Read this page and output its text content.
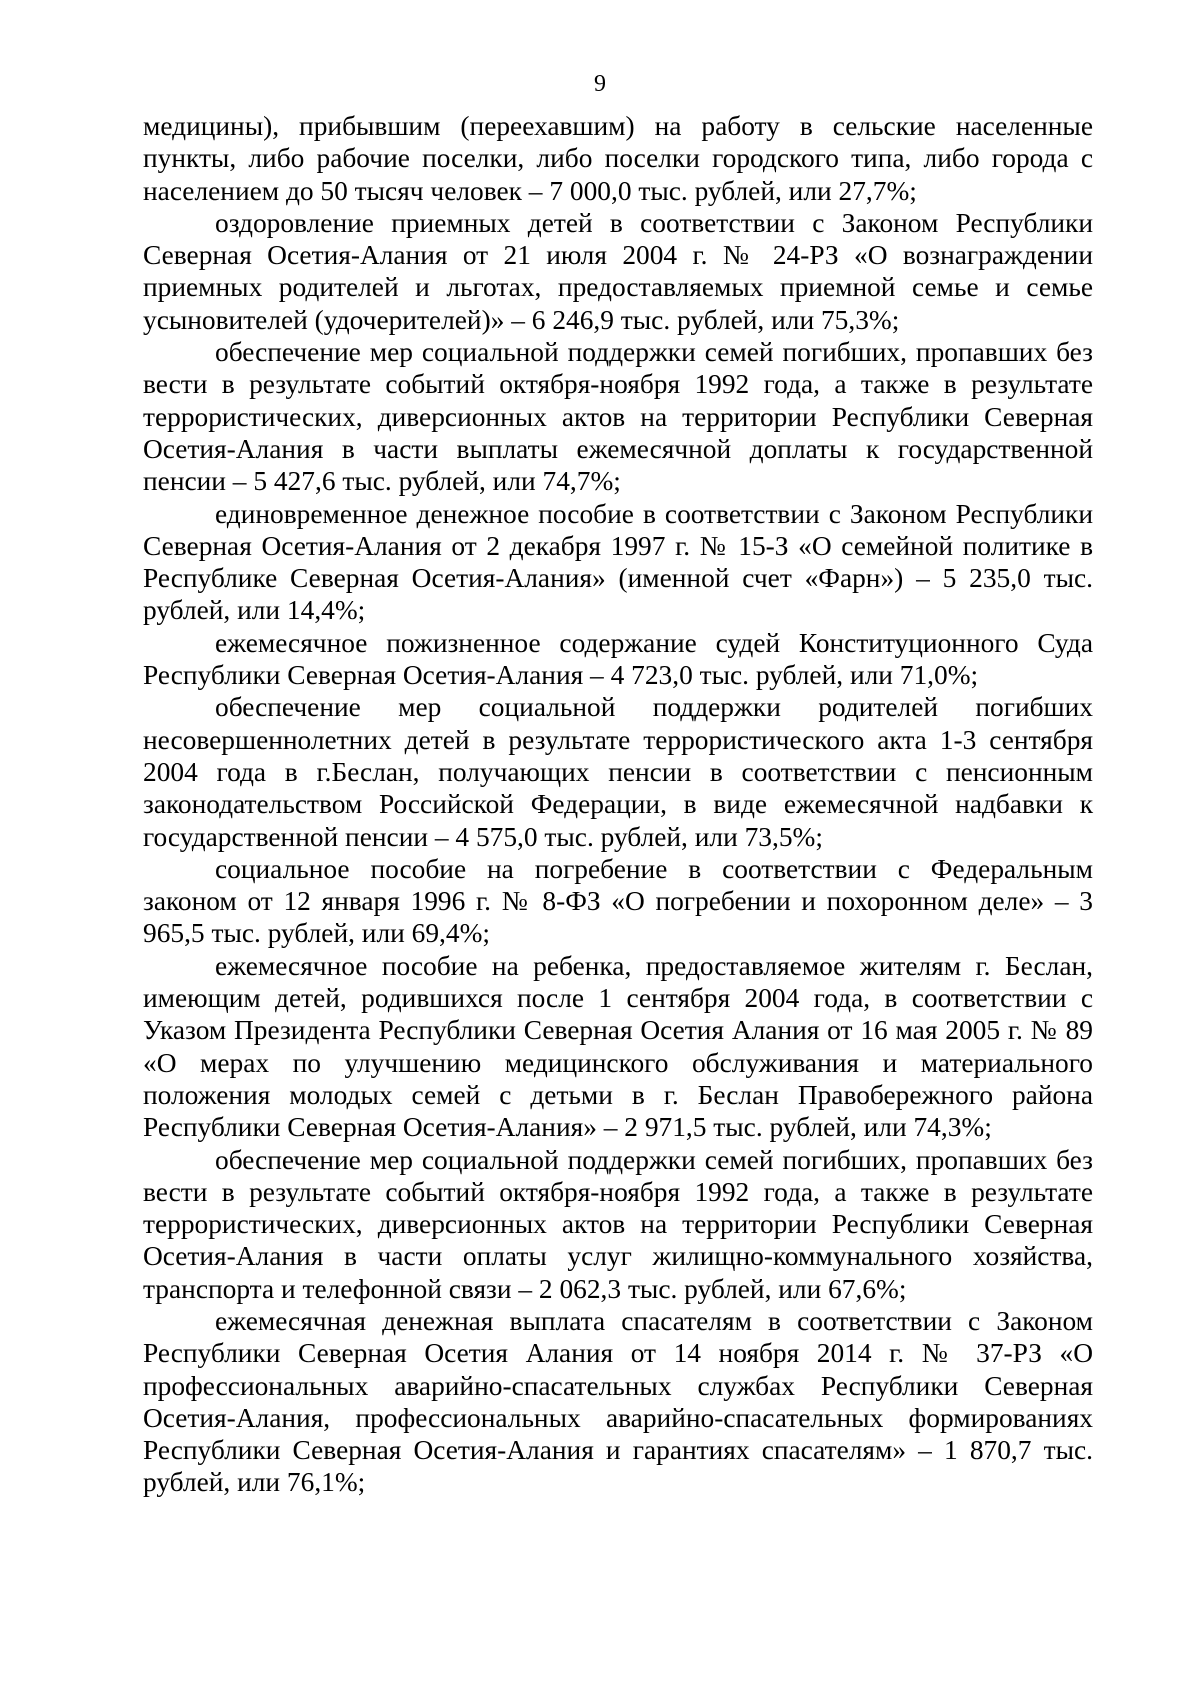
9

медицины), прибывшим (переехавшим) на работу в сельские населенные пункты, либо рабочие поселки, либо поселки городского типа, либо города с населением до 50 тысяч человек – 7 000,0 тыс. рублей, или 27,7%;

оздоровление приемных детей в соответствии с Законом Республики Северная Осетия-Алания от 21 июля 2004 г. № 24-РЗ «О вознаграждении приемных родителей и льготах, предоставляемых приемной семье и семье усыновителей (удочерителей)» – 6 246,9 тыс. рублей, или 75,3%;

обеспечение мер социальной поддержки семей погибших, пропавших без вести в результате событий октября-ноября 1992 года, а также в результате террористических, диверсионных актов на территории Республики Северная Осетия-Алания в части выплаты ежемесячной доплаты к государственной пенсии – 5 427,6 тыс. рублей, или 74,7%;

единовременное денежное пособие в соответствии с Законом Республики Северная Осетия-Алания от 2 декабря 1997 г. № 15-З «О семейной политике в Республике Северная Осетия-Алания» (именной счет «Фарн») – 5 235,0 тыс. рублей, или 14,4%;

ежемесячное пожизненное содержание судей Конституционного Суда Республики Северная Осетия-Алания – 4 723,0 тыс. рублей, или 71,0%;

обеспечение мер социальной поддержки родителей погибших несовершеннолетних детей в результате террористического акта 1-3 сентября 2004 года в г.Беслан, получающих пенсии в соответствии с пенсионным законодательством Российской Федерации, в виде ежемесячной надбавки к государственной пенсии – 4 575,0 тыс. рублей, или 73,5%;

социальное пособие на погребение в соответствии с Федеральным законом от 12 января 1996 г. № 8-ФЗ «О погребении и похоронном деле» – 3 965,5 тыс. рублей, или 69,4%;

ежемесячное пособие на ребенка, предоставляемое жителям г. Беслан, имеющим детей, родившихся после 1 сентября 2004 года, в соответствии с Указом Президента Республики Северная Осетия Алания от 16 мая 2005 г. № 89 «О мерах по улучшению медицинского обслуживания и материального положения молодых семей с детьми в г. Беслан Правобережного района Республики Северная Осетия-Алания» – 2 971,5 тыс. рублей, или 74,3%;

обеспечение мер социальной поддержки семей погибших, пропавших без вести в результате событий октября-ноября 1992 года, а также в результате террористических, диверсионных актов на территории Республики Северная Осетия-Алания в части оплаты услуг жилищно-коммунального хозяйства, транспорта и телефонной связи – 2 062,3 тыс. рублей, или 67,6%;

ежемесячная денежная выплата спасателям в соответствии с Законом Республики Северная Осетия Алания от 14 ноября 2014 г. № 37-РЗ «О профессиональных аварийно-спасательных службах Республики Северная Осетия-Алания, профессиональных аварийно-спасательных формированиях Республики Северная Осетия-Алания и гарантиях спасателям» – 1 870,7 тыс. рублей, или 76,1%;
